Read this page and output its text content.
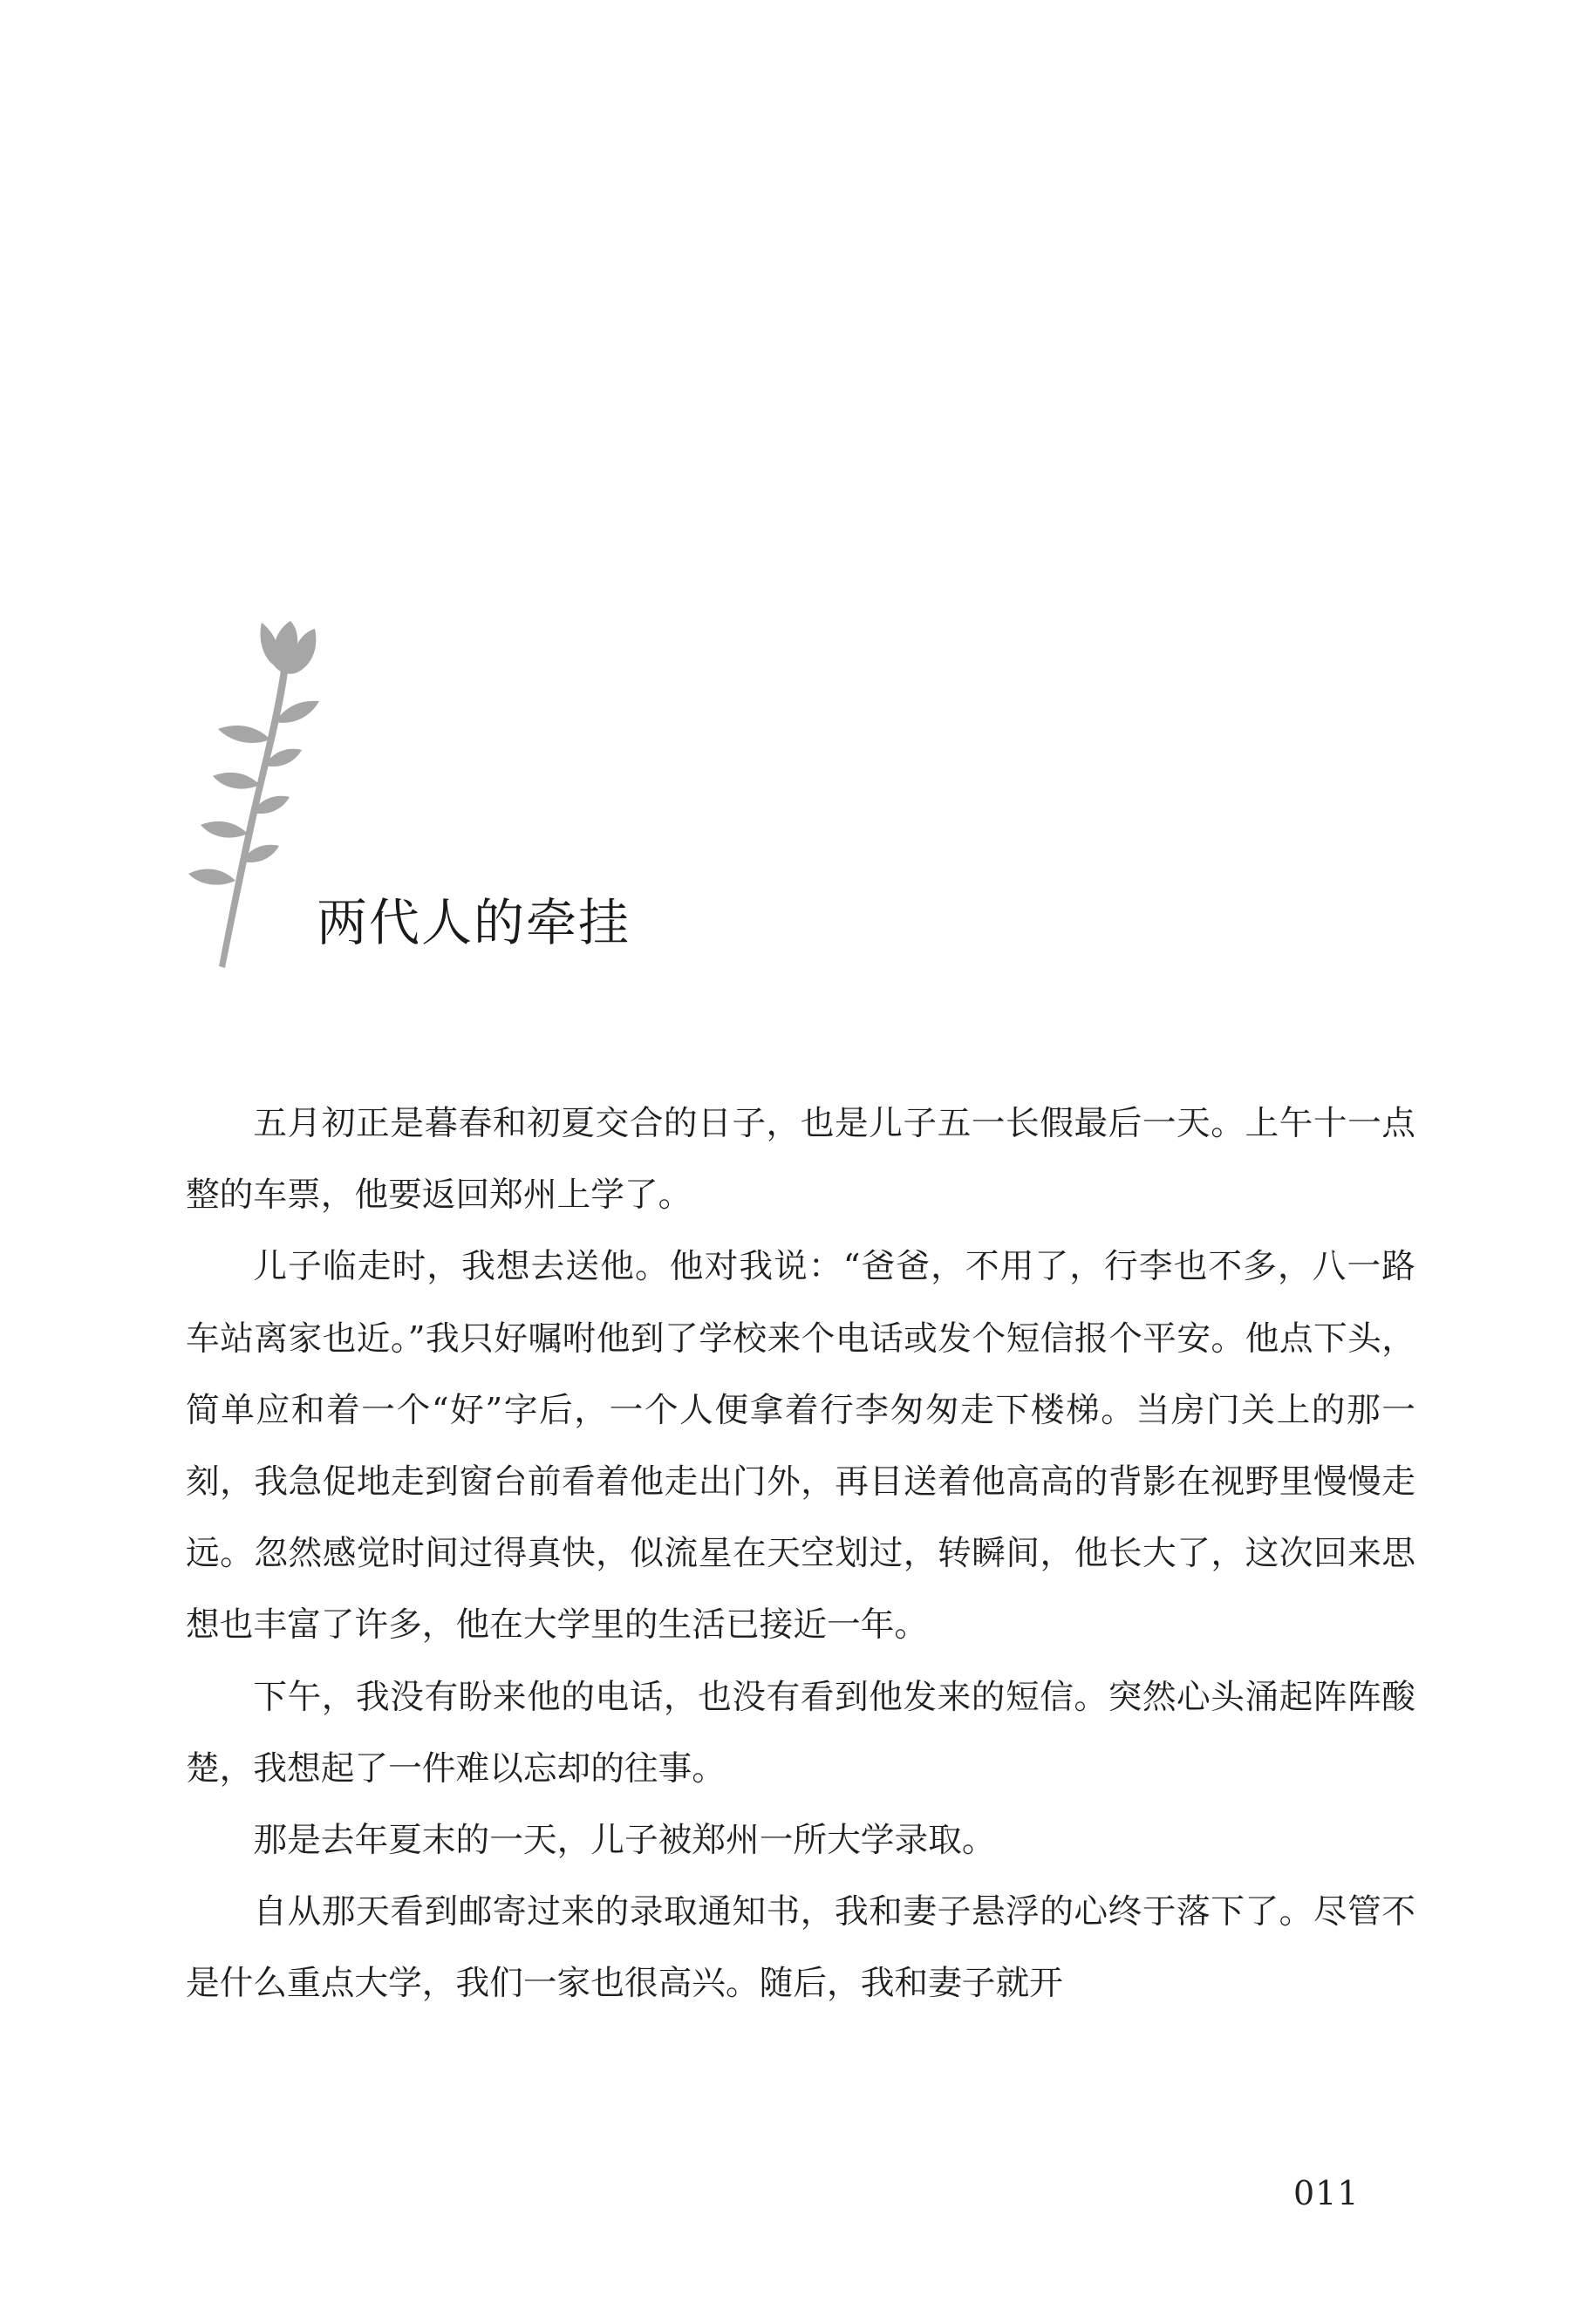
两代人的牵挂

五月初正是暮春和初夏交合的日子，也是儿子五一长假最后一天。上午十一点整的车票，他要返回郑州上学了。

儿子临走时，我想去送他。他对我说：“爸爸，不用了，行李也不多，八一路车站离家也近。”我只好嘱咐他到了学校来个电话或发个短信报个平安。他点下头，简单应和着一个“好”字后，一个人便拿着行李匆匆走下楼梯。当房门关上的那一刻，我急促地走到窗台前看着他走出门外，再目送着他高高的背影在视野里慢慢走远。忽然感觉时间过得真快，似流星在天空划过，转瞬间，他长大了，这次回来思想也丰富了许多，他在大学里的生活已接近一年。

下午，我没有盼来他的电话，也没有看到他发来的短信。突然心头涌起阵阵酸楚，我想起了一件难以忘却的往事。

那是去年夏末的一天，儿子被郑州一所大学录取。

自从那天看到邮寄过来的录取通知书，我和妻子悬浮的心终于落下了。尽管不是什么重点大学，我们一家也很高兴。随后，我和妻子就开

011
